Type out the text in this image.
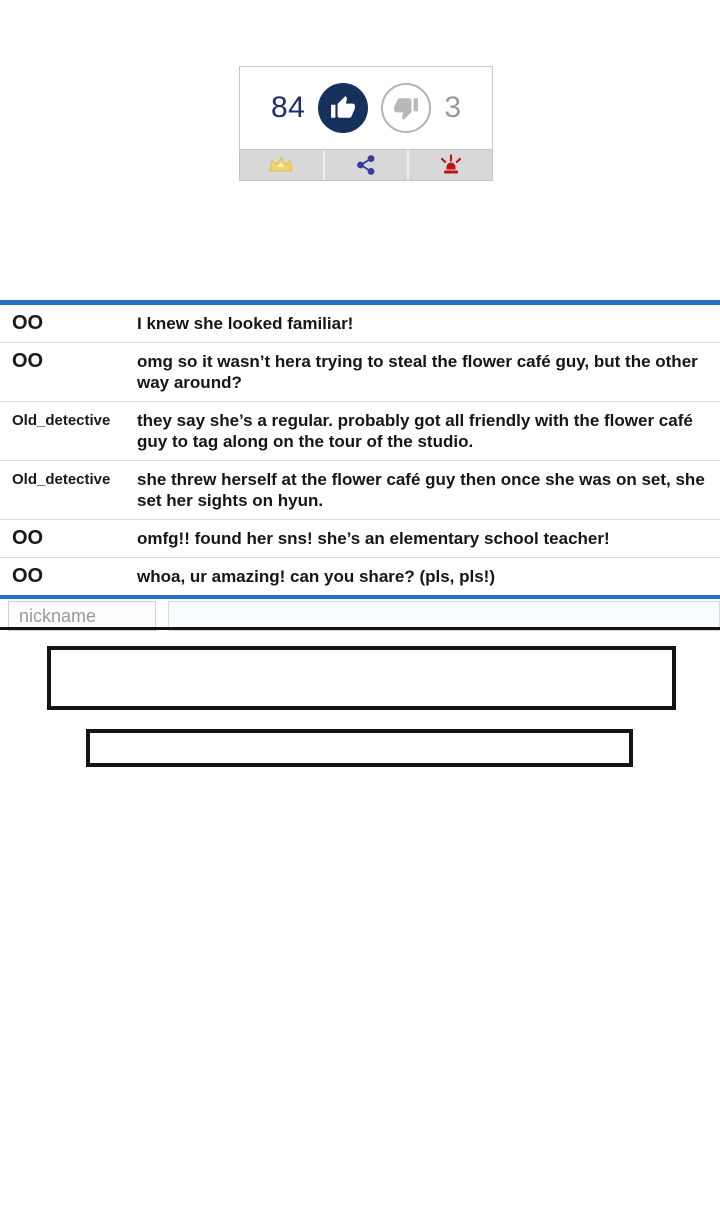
84	3
OO	I knew she looked familiar!
OO	omg so it wasn’t hera trying to steal the flower café guy, but the other way around?
Old_detective	they say she’s a regular. probably got all friendly with the flower café guy to tag along on the tour of the studio.
Old_detective	she threw herself at the flower café guy then once she was on set, she set her sights on hyun.
OO	omfg!! found her sns! she’s an elementary school teacher!
OO	whoa, ur amazing! can you share? (pls, pls!)
nickname
